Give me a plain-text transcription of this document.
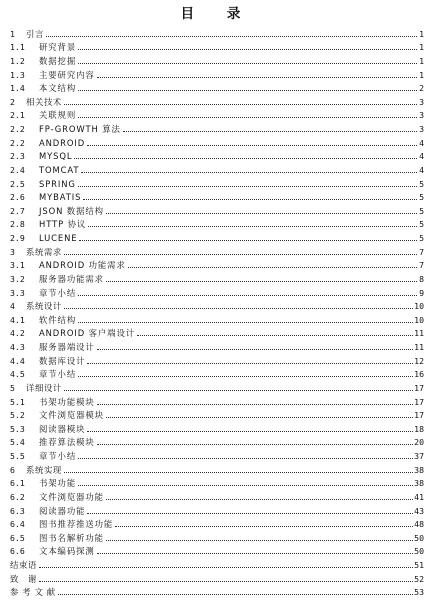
目 录
1	引言	1
1.1	研究背景	1
1.2	数据挖掘	1
1.3	主要研究内容	1
1.4	本文结构	2
2	相关技术	3
2.1	关联规则	3
2.2	FP-GROWTH 算法	3
2.2	ANDROID	4
2.3	MYSQL	4
2.4	TOMCAT	4
2.5	SPRING	5
2.6	MYBATIS	5
2.7	JSON 数据结构	5
2.8	HTTP 协议	5
2.9	LUCENE	5
3	系统需求	7
3.1	ANDROID 功能需求	7
3.2	服务器功能需求	8
3.3	章节小结	9
4	系统设计	10
4.1	软件结构	10
4.2	ANDROID 客户端设计	11
4.3	服务器端设计	11
4.4	数据库设计	12
4.5	章节小结	16
5	详细设计	17
5.1	书架功能模块	17
5.2	文件浏览器模块	17
5.3	阅读器模块	18
5.4	推荐算法模块	20
5.5	章节小结	37
6	系统实现	38
6.1	书架功能	38
6.2	文件浏览器功能	41
6.3	阅读器功能	43
6.4	图书推荐推送功能	48
6.5	图书名解析功能	50
6.6	文本编码探测	50
结束语	51
致　谢	52
参 考 文 献	53
